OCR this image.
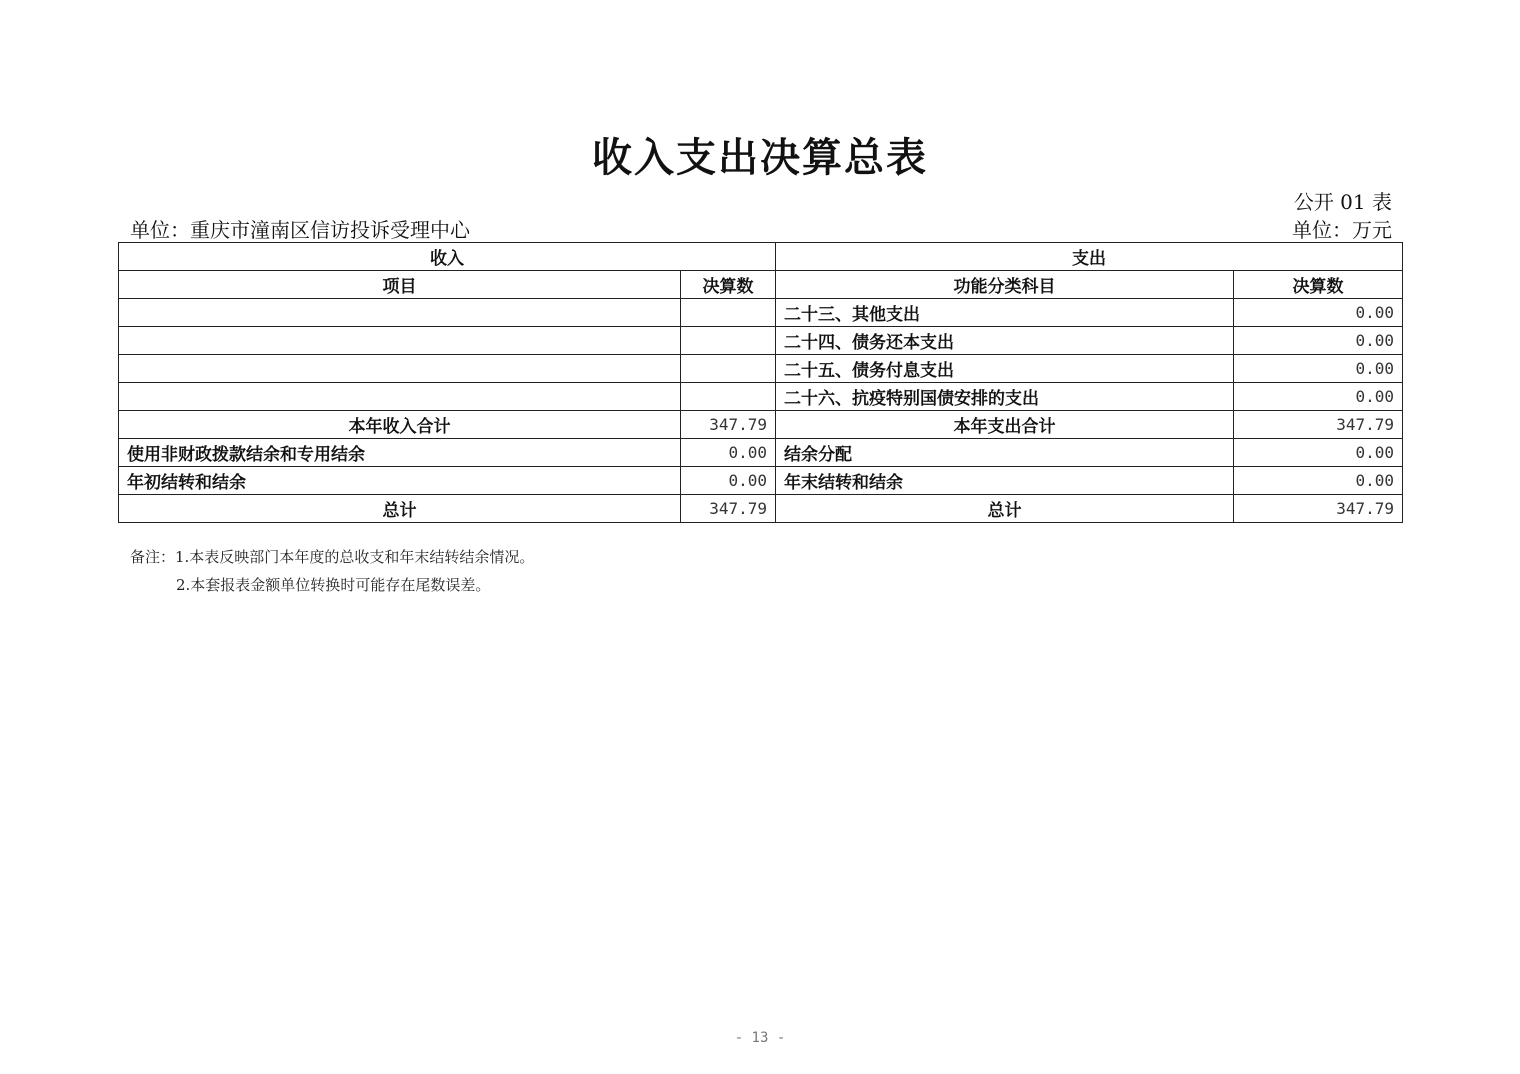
收入支出决算总表
公开 01 表
单位：重庆市潼南区信访投诉受理中心	单位：万元
收入		支出	
项目	决算数	功能分类科目	决算数
		二十三、其他支出	0.00
		二十四、债务还本支出	0.00
		二十五、债务付息支出	0.00
		二十六、抗疫特别国债安排的支出	0.00
本年收入合计	347.79	本年支出合计	347.79
使用非财政拨款结余和专用结余	0.00	结余分配	0.00
年初结转和结余	0.00	年末结转和结余	0.00
总计	347.79	总计	347.79
备注：1.本表反映部门本年度的总收支和年末结转结余情况。
2.本套报表金额单位转换时可能存在尾数误差。
- 13 -
